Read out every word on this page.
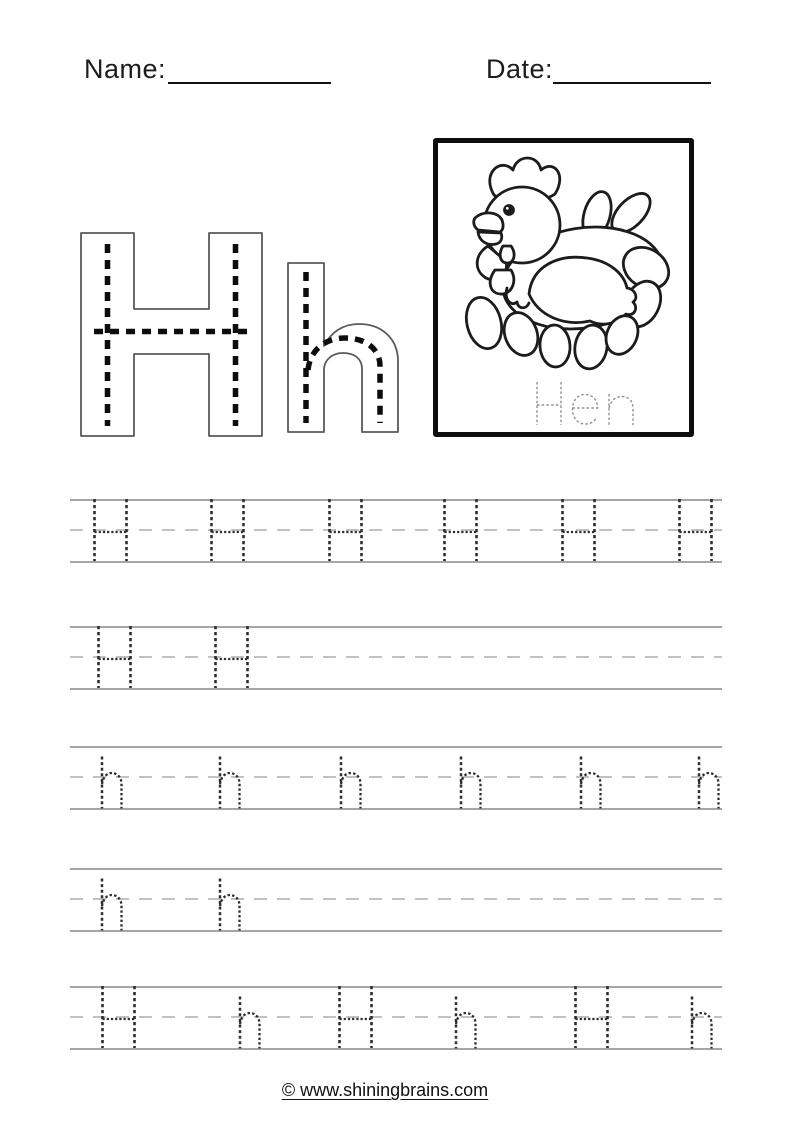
Name:	Date:
© www.shiningbrains.com
